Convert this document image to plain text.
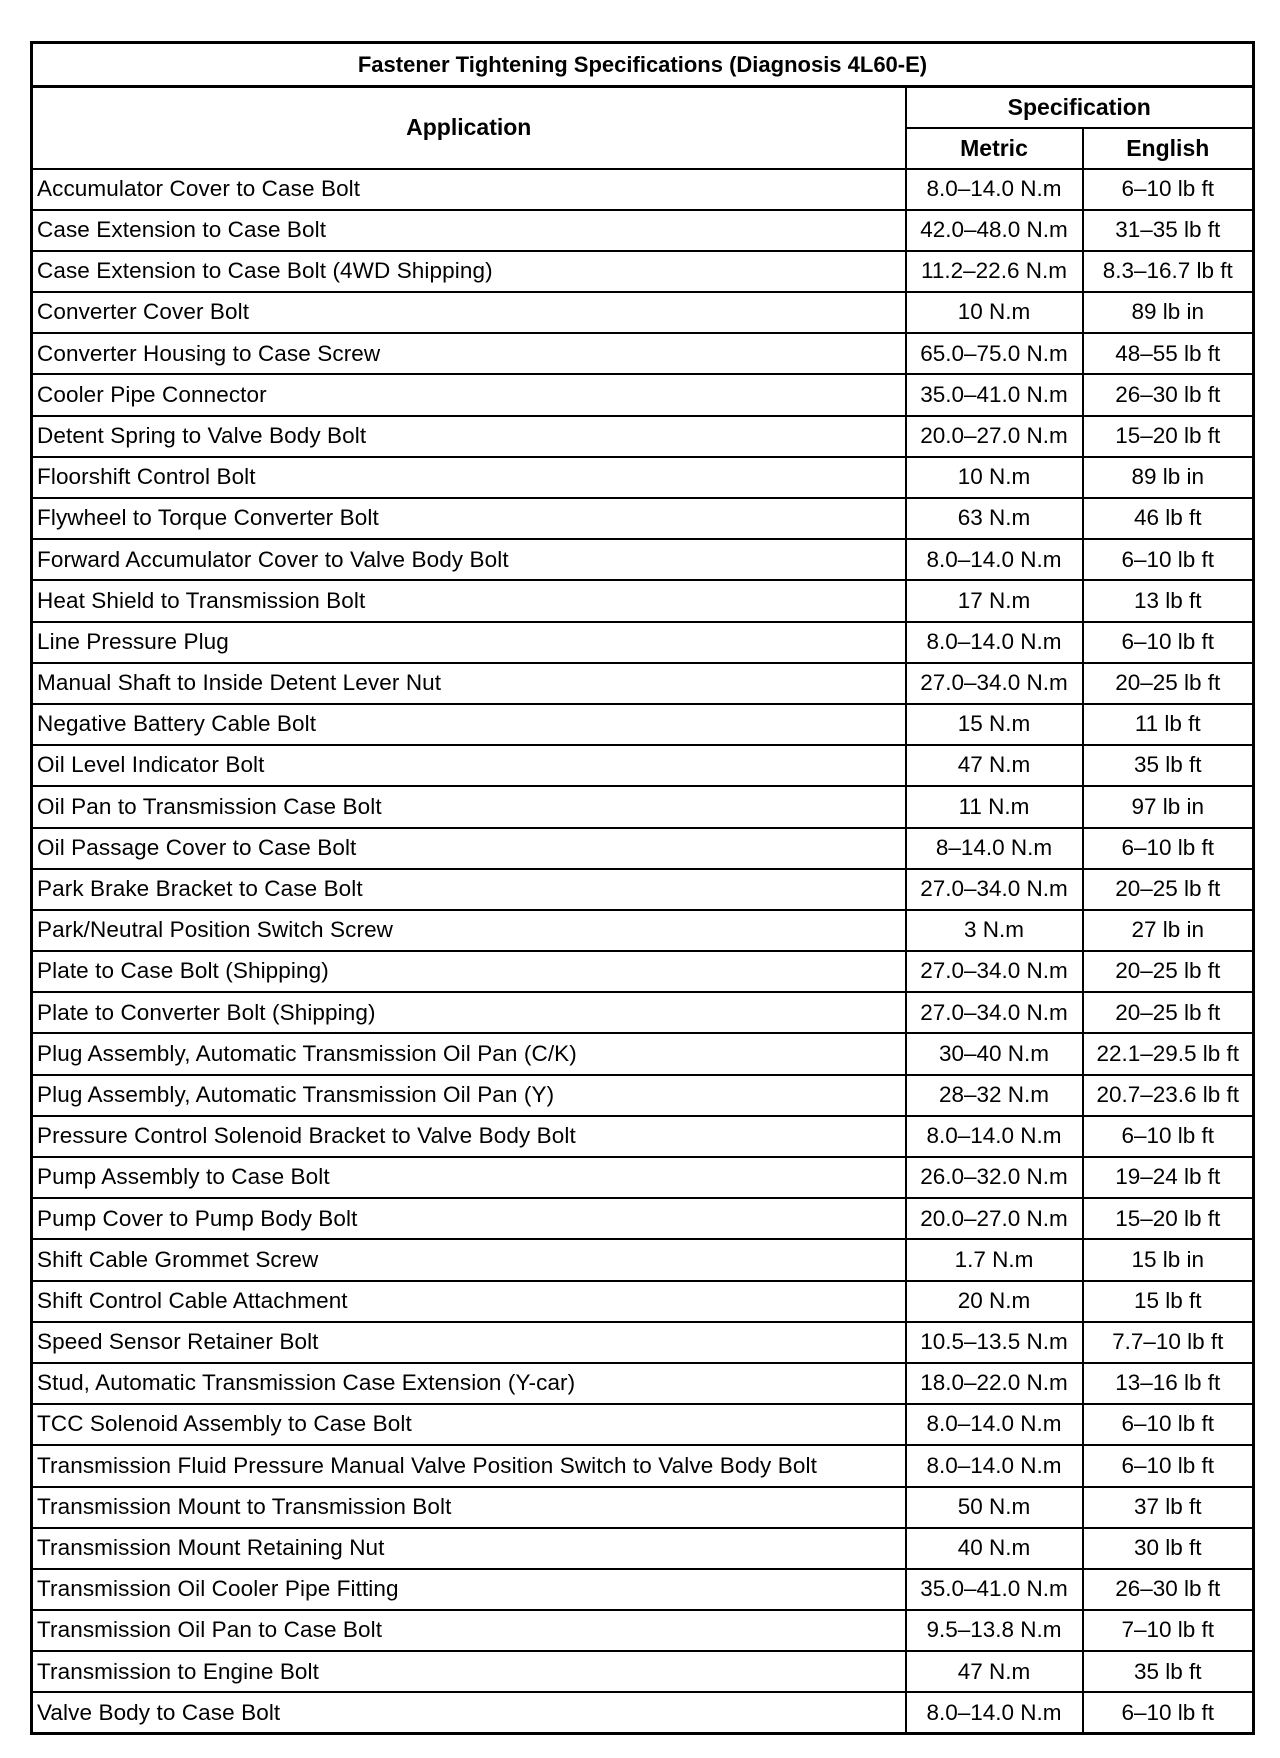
Fastener Tightening Specifications (Diagnosis 4L60-E)		
Application	Specification	
	Metric	English
Accumulator Cover to Case Bolt	8.0–14.0 N.m	6–10 lb ft
Case Extension to Case Bolt	42.0–48.0 N.m	31–35 lb ft
Case Extension to Case Bolt (4WD Shipping)	11.2–22.6 N.m	8.3–16.7 lb ft
Converter Cover Bolt	10 N.m	89 lb in
Converter Housing to Case Screw	65.0–75.0 N.m	48–55 lb ft
Cooler Pipe Connector	35.0–41.0 N.m	26–30 lb ft
Detent Spring to Valve Body Bolt	20.0–27.0 N.m	15–20 lb ft
Floorshift Control Bolt	10 N.m	89 lb in
Flywheel to Torque Converter Bolt	63 N.m	46 lb ft
Forward Accumulator Cover to Valve Body Bolt	8.0–14.0 N.m	6–10 lb ft
Heat Shield to Transmission Bolt	17 N.m	13 lb ft
Line Pressure Plug	8.0–14.0 N.m	6–10 lb ft
Manual Shaft to Inside Detent Lever Nut	27.0–34.0 N.m	20–25 lb ft
Negative Battery Cable Bolt	15 N.m	11 lb ft
Oil Level Indicator Bolt	47 N.m	35 lb ft
Oil Pan to Transmission Case Bolt	11 N.m	97 lb in
Oil Passage Cover to Case Bolt	8–14.0 N.m	6–10 lb ft
Park Brake Bracket to Case Bolt	27.0–34.0 N.m	20–25 lb ft
Park/Neutral Position Switch Screw	3 N.m	27 lb in
Plate to Case Bolt (Shipping)	27.0–34.0 N.m	20–25 lb ft
Plate to Converter Bolt (Shipping)	27.0–34.0 N.m	20–25 lb ft
Plug Assembly, Automatic Transmission Oil Pan (C/K)	30–40 N.m	22.1–29.5 lb ft
Plug Assembly, Automatic Transmission Oil Pan (Y)	28–32 N.m	20.7–23.6 lb ft
Pressure Control Solenoid Bracket to Valve Body Bolt	8.0–14.0 N.m	6–10 lb ft
Pump Assembly to Case Bolt	26.0–32.0 N.m	19–24 lb ft
Pump Cover to Pump Body Bolt	20.0–27.0 N.m	15–20 lb ft
Shift Cable Grommet Screw	1.7 N.m	15 lb in
Shift Control Cable Attachment	20 N.m	15 lb ft
Speed Sensor Retainer Bolt	10.5–13.5 N.m	7.7–10 lb ft
Stud, Automatic Transmission Case Extension (Y-car)	18.0–22.0 N.m	13–16 lb ft
TCC Solenoid Assembly to Case Bolt	8.0–14.0 N.m	6–10 lb ft
Transmission Fluid Pressure Manual Valve Position Switch to Valve Body Bolt	8.0–14.0 N.m	6–10 lb ft
Transmission Mount to Transmission Bolt	50 N.m	37 lb ft
Transmission Mount Retaining Nut	40 N.m	30 lb ft
Transmission Oil Cooler Pipe Fitting	35.0–41.0 N.m	26–30 lb ft
Transmission Oil Pan to Case Bolt	9.5–13.8 N.m	7–10 lb ft
Transmission to Engine Bolt	47 N.m	35 lb ft
Valve Body to Case Bolt	8.0–14.0 N.m	6–10 lb ft
